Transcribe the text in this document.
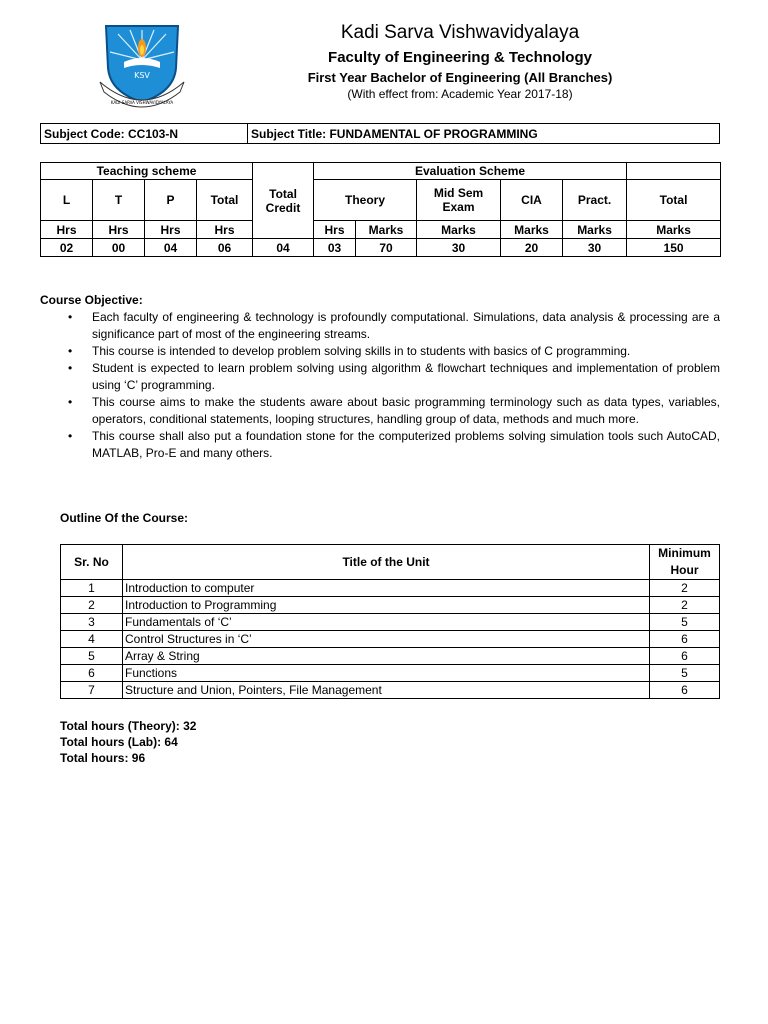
KSV
KADI SARVA VISHWAVIDYALAYA
Kadi Sarva Vishwavidyalaya
Faculty of Engineering & Technology
First Year Bachelor of Engineering (All Branches)
(With effect from: Academic Year 2017-18)
Subject Code: CC103-N	Subject Title: FUNDAMENTAL OF PROGRAMMING
Teaching scheme				Total Credit	Evaluation Scheme					
L	T	P	Total		Theory		Mid Sem Exam	CIA	Pract.	Total
Hrs	Hrs	Hrs	Hrs		Hrs	Marks	Marks	Marks	Marks	Marks
02	00	04	06	04	03	70	30	20	30	150
Course Objective:
• Each faculty of engineering & technology is profoundly computational. Simulations, data analysis & processing are a significance part of most of the engineering streams.
• This course is intended to develop problem solving skills in to students with basics of C programming.
• Student is expected to learn problem solving using algorithm & flowchart techniques and implementation of problem using ‘C’ programming.
• This course aims to make the students aware about basic programming terminology such as data types, variables, operators, conditional statements, looping structures, handling group of data, methods and much more.
• This course shall also put a foundation stone for the computerized problems solving simulation tools such AutoCAD, MATLAB, Pro-E and many others.
Outline Of the Course:
Sr. No	Title of the Unit	Minimum Hour
1	Introduction to computer	2
2	Introduction to Programming	2
3	Fundamentals of ‘C’	5
4	Control Structures in ‘C’	6
5	Array & String	6
6	Functions	5
7	Structure and Union, Pointers, File Management	6
Total hours (Theory): 32
Total hours (Lab): 64
Total hours: 96
